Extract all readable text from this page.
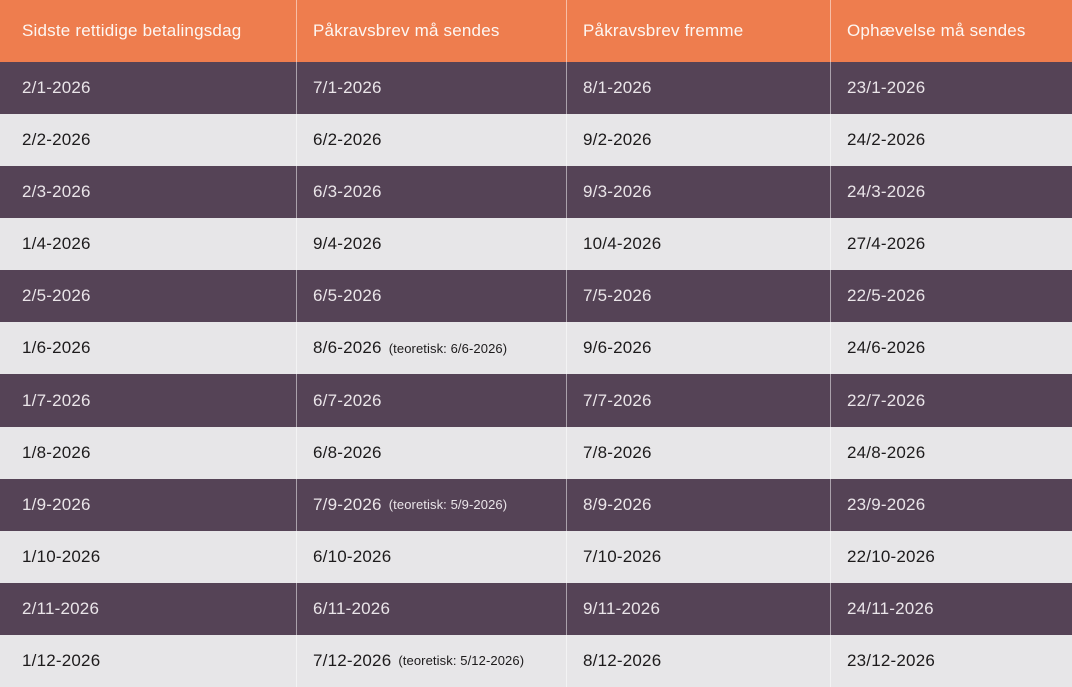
Sidste rettidige betalingsdag	Påkravsbrev må sendes	Påkravsbrev fremme	Ophævelse må sendes
2/1-2026	7/1-2026	8/1-2026	23/1-2026
2/2-2026	6/2-2026	9/2-2026	24/2-2026
2/3-2026	6/3-2026	9/3-2026	24/3-2026
1/4-2026	9/4-2026	10/4-2026	27/4-2026
2/5-2026	6/5-2026	7/5-2026	22/5-2026
1/6-2026	8/6-2026 (teoretisk: 6/6-2026)	9/6-2026	24/6-2026
1/7-2026	6/7-2026	7/7-2026	22/7-2026
1/8-2026	6/8-2026	7/8-2026	24/8-2026
1/9-2026	7/9-2026 (teoretisk: 5/9-2026)	8/9-2026	23/9-2026
1/10-2026	6/10-2026	7/10-2026	22/10-2026
2/11-2026	6/11-2026	9/11-2026	24/11-2026
1/12-2026	7/12-2026 (teoretisk: 5/12-2026)	8/12-2026	23/12-2026
